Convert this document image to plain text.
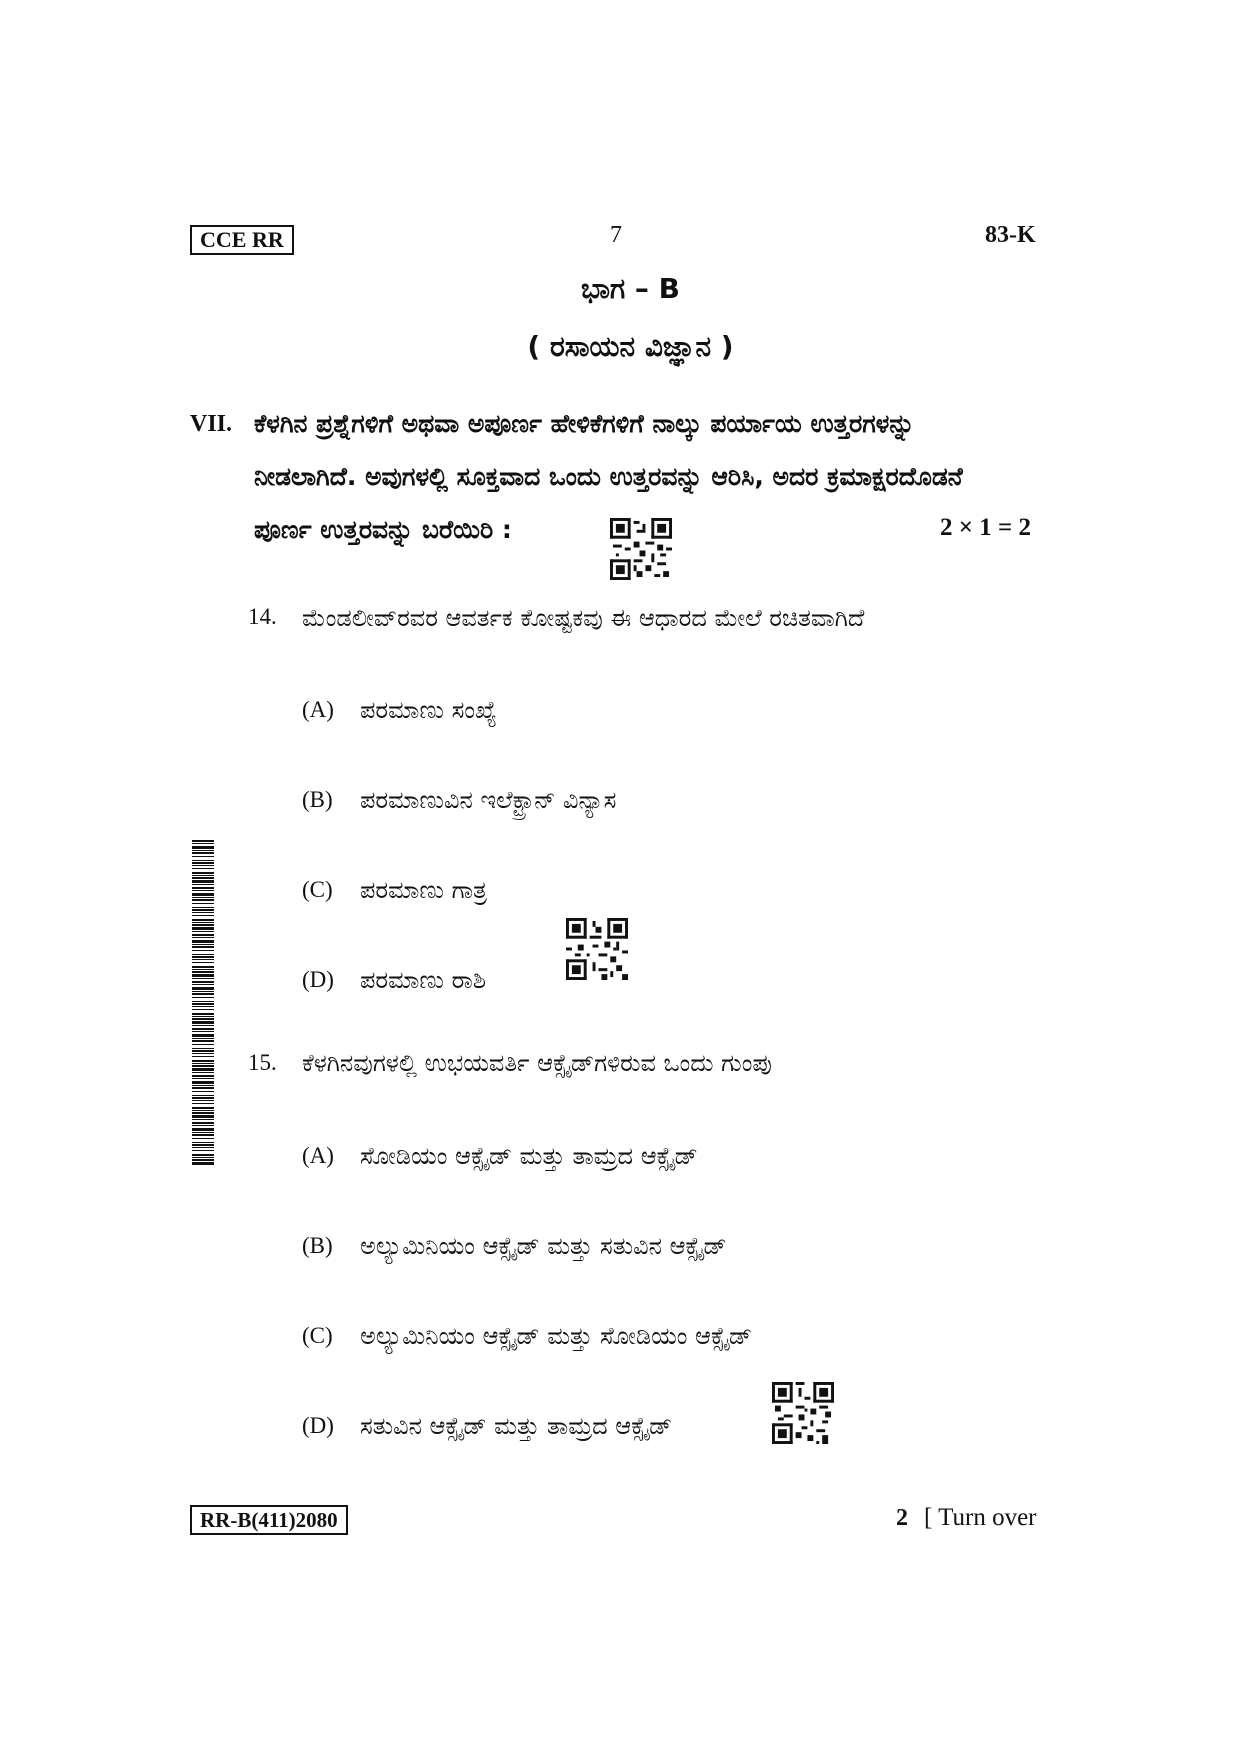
CCE RR	7	83-K
ಭಾಗ – B
( ರಸಾಯನ ವಿಜ್ಞಾನ )
VII. ಕೆಳಗಿನ ಪ್ರಶ್ನೆಗಳಿಗೆ ಅಥವಾ ಅಪೂರ್ಣ ಹೇಳಿಕೆಗಳಿಗೆ ನಾಲ್ಕು ಪರ್ಯಾಯ ಉತ್ತರಗಳನ್ನು
ನೀಡಲಾಗಿದೆ. ಅವುಗಳಲ್ಲಿ ಸೂಕ್ತವಾದ ಒಂದು ಉತ್ತರವನ್ನು ಆರಿಸಿ, ಅದರ ಕ್ರಮಾಕ್ಷರದೊಡನೆ
ಪೂರ್ಣ ಉತ್ತರವನ್ನು ಬರೆಯಿರಿ :	2 × 1 = 2
14. ಮೆಂಡಲೀವ್‌ರವರ ಆವರ್ತಕ ಕೋಷ್ಟಕವು ಈ ಆಧಾರದ ಮೇಲೆ ರಚಿತವಾಗಿದೆ
(A) ಪರಮಾಣು ಸಂಖ್ಯೆ
(B) ಪರಮಾಣುವಿನ ಇಲೆಕ್ಟ್ರಾನ್ ವಿನ್ಯಾಸ
(C) ಪರಮಾಣು ಗಾತ್ರ
(D) ಪರಮಾಣು ರಾಶಿ
15. ಕೆಳಗಿನವುಗಳಲ್ಲಿ ಉಭಯವರ್ತಿ ಆಕ್ಸೈಡ್‌ಗಳಿರುವ ಒಂದು ಗುಂಪು
(A) ಸೋಡಿಯಂ ಆಕ್ಸೈಡ್ ಮತ್ತು ತಾಮ್ರದ ಆಕ್ಸೈಡ್
(B) ಅಲ್ಯುಮಿನಿಯಂ ಆಕ್ಸೈಡ್ ಮತ್ತು ಸತುವಿನ ಆಕ್ಸೈಡ್
(C) ಅಲ್ಯುಮಿನಿಯಂ ಆಕ್ಸೈಡ್ ಮತ್ತು ಸೋಡಿಯಂ ಆಕ್ಸೈಡ್
(D) ಸತುವಿನ ಆಕ್ಸೈಡ್ ಮತ್ತು ತಾಮ್ರದ ಆಕ್ಸೈಡ್
RR-B(411)2080	2 [ Turn over
